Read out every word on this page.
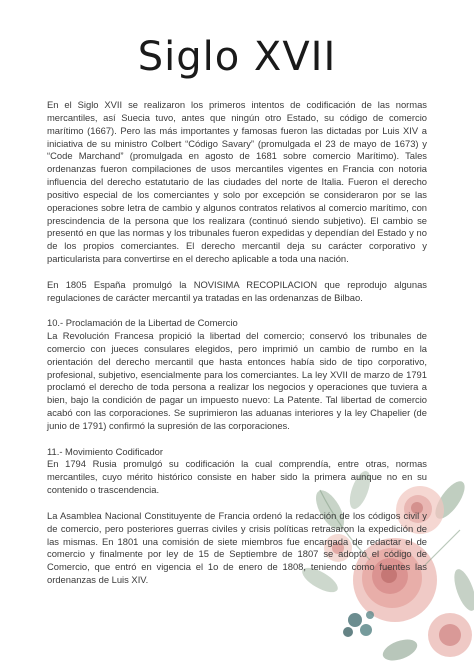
Siglo XVII

En el Siglo XVII se realizaron los primeros intentos de codificación de las normas mercantiles, así Suecia tuvo, antes que ningún otro Estado, su código de comercio marítimo (1667). Pero las más importantes y famosas fueron las dictadas por Luis XIV a iniciativa de su ministro Colbert “Código Savary” (promulgada el 23 de mayo de 1673) y “Code Marchand” (promulgada en agosto de 1681 sobre comercio Marítimo). Tales ordenanzas fueron compilaciones de usos mercantiles vigentes en Francia con notoria influencia del derecho estatutario de las ciudades del norte de Italia. Fueron el derecho positivo especial de los comerciantes y solo por excepción se consideraron por se las operaciones sobre letra de cambio y algunos contratos relativos al comercio marítimo, con prescindencia de la persona que los realizara (continuó siendo subjetivo). El cambio se presentó en que las normas y los tribunales fueron expedidas y dependían del Estado y no de los propios comerciantes. El derecho mercantil deja su carácter corporativo y particularista para convertirse en el derecho aplicable a toda una nación.

En 1805 España promulgó la NOVISIMA RECOPILACION que reprodujo algunas regulaciones de carácter mercantil ya tratadas en las ordenanzas de Bilbao.

10.- Proclamación de la Libertad de Comercio
La Revolución Francesa propició la libertad del comercio; conservó los tribunales de comercio con jueces consulares elegidos, pero imprimió un cambio de rumbo en la orientación del derecho mercantil que hasta entonces había sido de tipo corporativo, profesional, subjetivo, esencialmente para los comerciantes. La ley XVII de marzo de 1791 proclamó el derecho de toda persona a realizar los negocios y operaciones que tuviera a bien, bajo la condición de pagar un impuesto nuevo: La Patente. Tal libertad de comercio acabó con las corporaciones. Se suprimieron las aduanas interiores y la ley Chapelier (de junio de 1791) confirmó la supresión de las corporaciones.

11.- Movimiento Codificador
En 1794 Rusia promulgó su codificación la cual comprendía, entre otras, normas mercantiles, cuyo mérito histórico consiste en haber sido la primera aunque no en su contenido o trascendencia.

La Asamblea Nacional Constituyente de Francia ordenó la redacción de los códigos civil y de comercio, pero posteriores guerras civiles y crisis políticas retrasaron la expedición de las mismas. En 1801 una comisión de siete miembros fue encargada de redactar el de comercio y finalmente por ley de 15 de Septiembre de 1807 se adoptó el código de Comercio, que entró en vigencia el 1o de enero de 1808, teniendo como fuentes las ordenanzas de Luis XIV.
